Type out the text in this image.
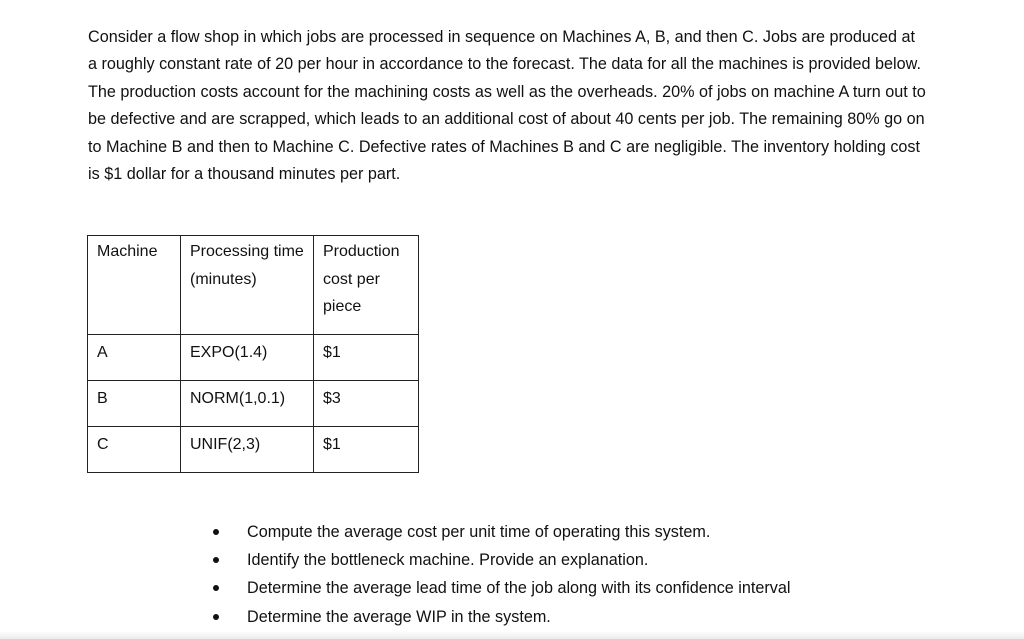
Consider a flow shop in which jobs are processed in sequence on Machines A, B, and then C. Jobs are produced at a roughly constant rate of 20 per hour in accordance to the forecast. The data for all the machines is provided below. The production costs account for the machining costs as well as the overheads. 20% of jobs on machine A turn out to be defective and are scrapped, which leads to an additional cost of about 40 cents per job. The remaining 80% go on to Machine B and then to Machine C. Defective rates of Machines B and C are negligible. The inventory holding cost is $1 dollar for a thousand minutes per part.

Machine	Processing time (minutes)	Production cost per piece

A	EXPO(1.4)	$1

B	NORM(1,0.1)	$3

C	UNIF(2,3)	$1
Compute the average cost per unit time of operating this system.
Identify the bottleneck machine. Provide an explanation.
Determine the average lead time of the job along with its confidence interval
Determine the average WIP in the system.
